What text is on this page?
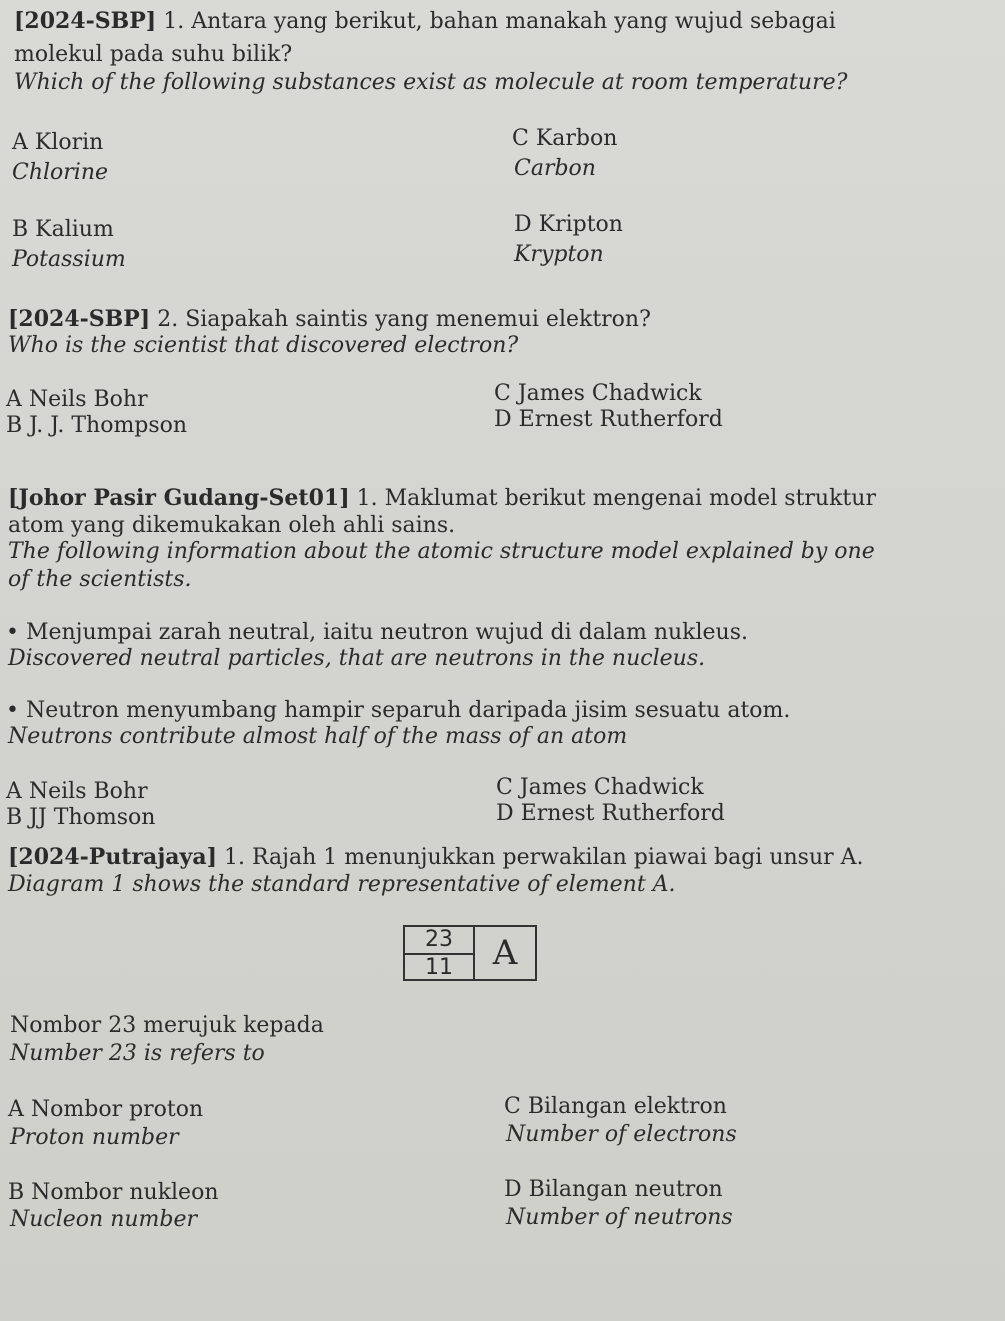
[2024-SBP] 1. Antara yang berikut, bahan manakah yang wujud sebagai
molekul pada suhu bilik?
Which of the following substances exist as molecule at room temperature?
A Klorin
Chlorine
C Karbon
Carbon
B Kalium
Potassium
D Kripton
Krypton
[2024-SBP] 2. Siapakah saintis yang menemui elektron?
Who is the scientist that discovered electron?
A Neils Bohr
B J. J. Thompson
C James Chadwick
D Ernest Rutherford
[Johor Pasir Gudang-Set01] 1. Maklumat berikut mengenai model struktur
atom yang dikemukakan oleh ahli sains.
The following information about the atomic structure model explained by one
of the scientists.
• Menjumpai zarah neutral, iaitu neutron wujud di dalam nukleus.
Discovered neutral particles, that are neutrons in the nucleus.
• Neutron menyumbang hampir separuh daripada jisim sesuatu atom.
Neutrons contribute almost half of the mass of an atom
A Neils Bohr
B JJ Thomson
C James Chadwick
D Ernest Rutherford
[2024-Putrajaya] 1. Rajah 1 menunjukkan perwakilan piawai bagi unsur A.
Diagram 1 shows the standard representative of element A.
23
11	A
Nombor 23 merujuk kepada
Number 23 is refers to
A Nombor proton
Proton number
C Bilangan elektron
Number of electrons
B Nombor nukleon
Nucleon number
D Bilangan neutron
Number of neutrons
